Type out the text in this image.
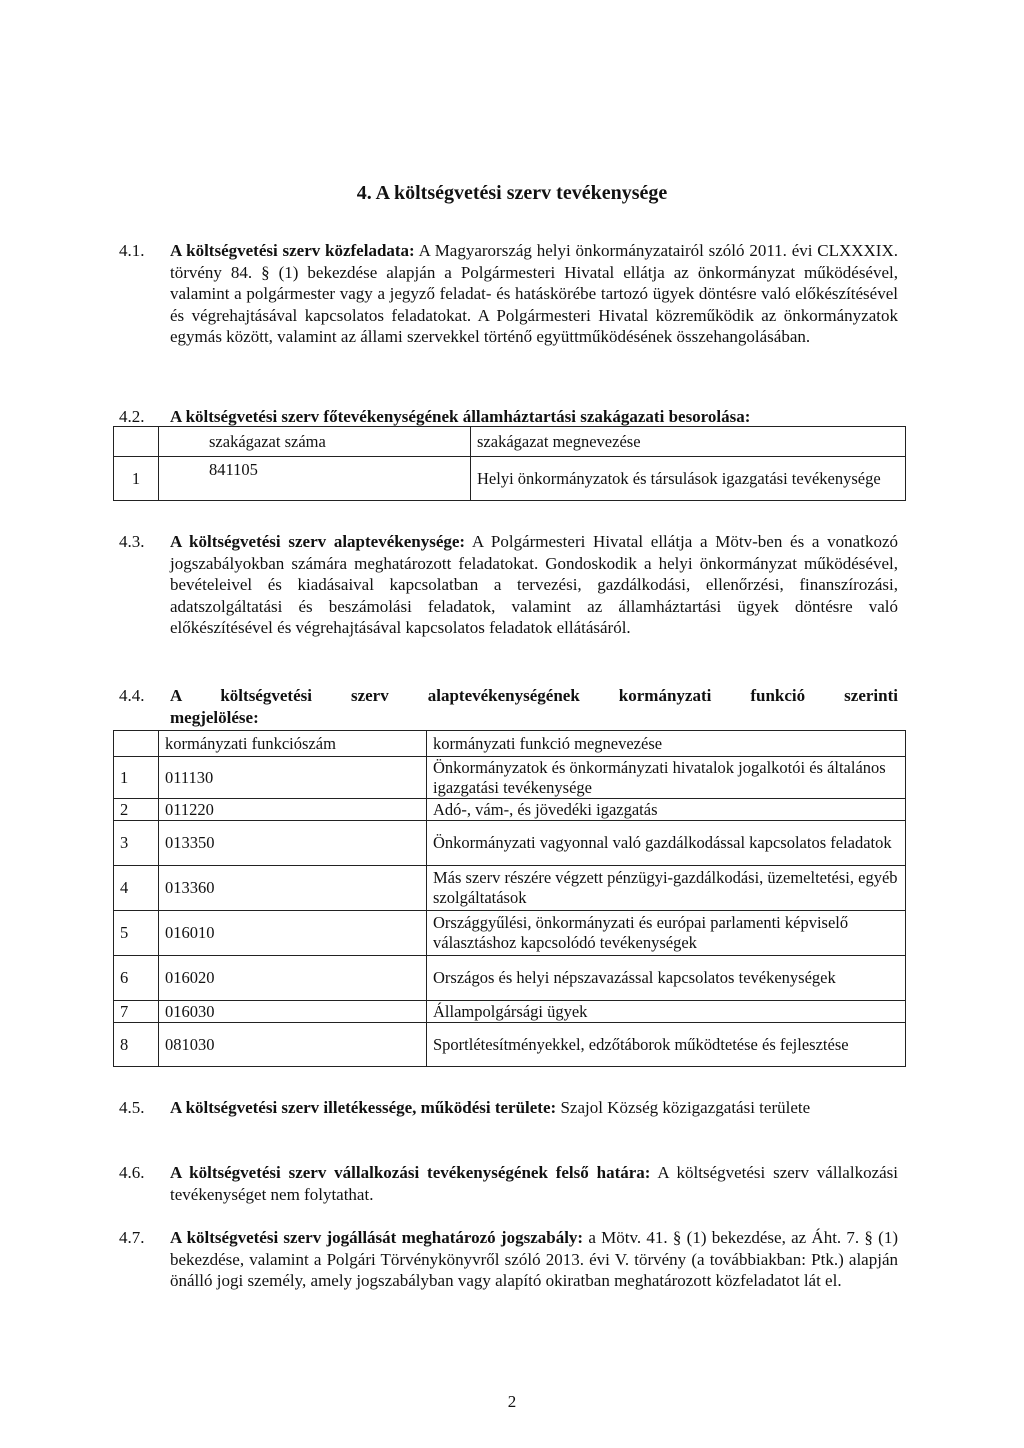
4. A költségvetési szerv tevékenysége
4.1.	A költségvetési szerv közfeladata: A Magyarország helyi önkormányzatairól szóló 2011. évi CLXXXIX. törvény 84. § (1) bekezdése alapján a Polgármesteri Hivatal ellátja az önkormányzat működésével, valamint a polgármester vagy a jegyző feladat- és hatáskörébe tartozó ügyek döntésre való előkészítésével és végrehajtásával kapcsolatos feladatokat. A Polgármesteri Hivatal közreműködik az önkormányzatok egymás között, valamint az állami szervekkel történő együttműködésének összehangolásában.
4.2.	A költségvetési szerv főtevékenységének államháztartási szakágazati besorolása:
	szakágazat száma	szakágazat megnevezése
1	841105	Helyi önkormányzatok és társulások igazgatási tevékenysége
4.3.	A költségvetési szerv alaptevékenysége: A Polgármesteri Hivatal ellátja a Mötv-ben és a vonatkozó jogszabályokban számára meghatározott feladatokat. Gondoskodik a helyi önkormányzat működésével, bevételeivel és kiadásaival kapcsolatban a tervezési, gazdálkodási, ellenőrzési, finanszírozási, adatszolgáltatási és beszámolási feladatok, valamint az államháztartási ügyek döntésre való előkészítésével és végrehajtásával kapcsolatos feladatok ellátásáról.
4.4.	A költségvetési szerv alaptevékenységének kormányzati funkció szerinti megjelölése:
	kormányzati funkciószám	kormányzati funkció megnevezése
1	011130	Önkormányzatok és önkormányzati hivatalok jogalkotói és általános igazgatási tevékenysége
2	011220	Adó-, vám-, és jövedéki igazgatás
3	013350	Önkormányzati vagyonnal való gazdálkodással kapcsolatos feladatok
4	013360	Más szerv részére végzett pénzügyi-gazdálkodási, üzemeltetési, egyéb szolgáltatások
5	016010	Országgyűlési, önkormányzati és európai parlamenti képviselő választáshoz kapcsolódó tevékenységek
6	016020	Országos és helyi népszavazással kapcsolatos tevékenységek
7	016030	Állampolgársági ügyek
8	081030	Sportlétesítményekkel, edzőtáborok működtetése és fejlesztése
4.5.	A költségvetési szerv illetékessége, működési területe: Szajol Község közigazgatási területe
4.6.	A költségvetési szerv vállalkozási tevékenységének felső határa: A költségvetési szerv vállalkozási tevékenységet nem folytathat.
4.7.	A költségvetési szerv jogállását meghatározó jogszabály: a Mötv. 41. § (1) bekezdése, az Áht. 7. § (1) bekezdése, valamint a Polgári Törvénykönyvről szóló 2013. évi V. törvény (a továbbiakban: Ptk.) alapján önálló jogi személy, amely jogszabályban vagy alapító okiratban meghatározott közfeladatot lát el.
2
